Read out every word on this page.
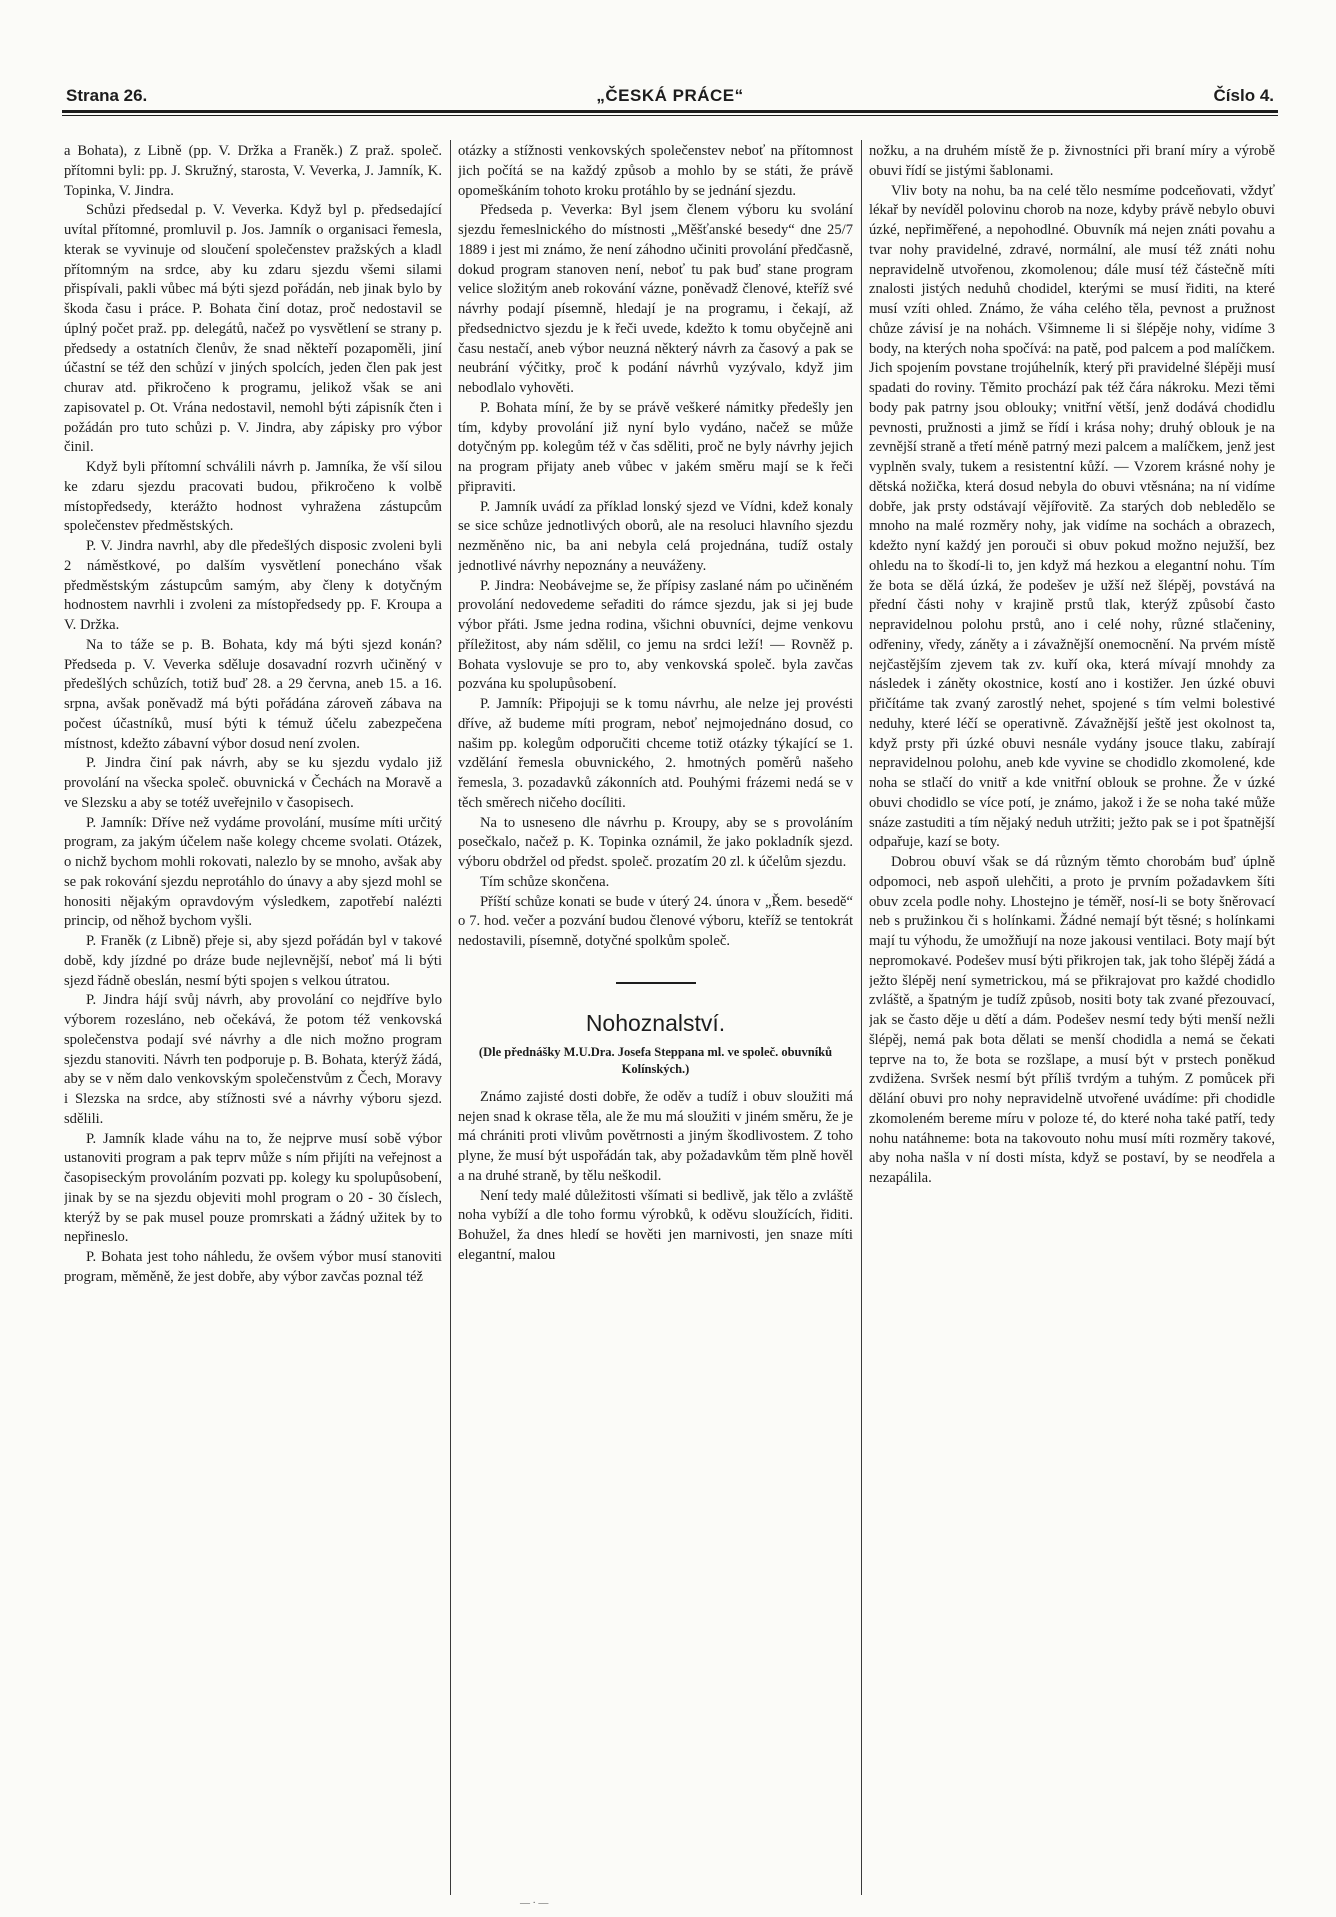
Strana 26.	„ČESKÁ PRÁCE“	Číslo 4.

a Bohata), z Libně (pp. V. Držka a Franěk.) Z praž. společ. přítomni byli: pp. J. Skružný, starosta, V. Veverka, J. Jamník, K. Topinka, V. Jindra.

Schůzi předsedal p. V. Veverka. Když byl p. předsedající uvítal přítomné, promluvil p. Jos. Jamník o organisaci řemesla, kterak se vyvinuje od sloučení společenstev pražských a kladl přítomným na srdce, aby ku zdaru sjezdu všemi silami přispívali, pakli vůbec má býti sjezd pořádán, neb jinak bylo by škoda času i práce. P. Bohata činí dotaz, proč nedostavil se úplný počet praž. pp. delegátů, načež po vysvětlení se strany p. předsedy a ostatních členův, že snad někteří pozapoměli, jiní účastní se též den schůzí v jiných spolcích, jeden člen pak jest churav atd. přikročeno k programu, jelikož však se ani zapisovatel p. Ot. Vrána nedostavil, nemohl býti zápisník čten i požádán pro tuto schůzi p. V. Jindra, aby zápisky pro výbor činil.

Když byli přítomní schválili návrh p. Jamníka, že vší silou ke zdaru sjezdu pracovati budou, přikročeno k volbě místopředsedy, kterážto hodnost vyhražena zástupcům společenstev předměstských.

P. V. Jindra navrhl, aby dle předešlých disposic zvoleni byli 2 náměstkové, po dalším vysvětlení ponecháno však předměstským zástupcům samým, aby členy k dotyčným hodnostem navrhli i zvoleni za místopředsedy pp. F. Kroupa a V. Držka.

Na to táže se p. B. Bohata, kdy má býti sjezd konán? Předseda p. V. Veverka sděluje dosavadní rozvrh učiněný v předešlých schůzích, totiž buď 28. a 29 června, aneb 15. a 16. srpna, avšak poněvadž má býti pořádána zároveň zábava na počest účastníků, musí býti k témuž účelu zabezpečena místnost, kdežto zábavní výbor dosud není zvolen.

P. Jindra činí pak návrh, aby se ku sjezdu vydalo již provolání na všecka společ. obuvnická v Čechách na Moravě a ve Slezsku a aby se totéž uveřejnilo v časopisech.

P. Jamník: Dříve než vydáme provolání, musíme míti určitý program, za jakým účelem naše kolegy chceme svolati. Otázek, o nichž bychom mohli rokovati, nalezlo by se mnoho, avšak aby se pak rokování sjezdu neprotáhlo do únavy a aby sjezd mohl se honositi nějakým opravdovým výsledkem, zapotřebí nalézti princip, od něhož bychom vyšli.

P. Franěk (z Libně) přeje si, aby sjezd pořádán byl v takové době, kdy jízdné po dráze bude nejlevnější, neboť má li býti sjezd řádně obeslán, nesmí býti spojen s velkou útratou.

P. Jindra hájí svůj návrh, aby provolání co nejdříve bylo výborem rozesláno, neb očekává, že potom též venkovská společenstva podají své návrhy a dle nich možno program sjezdu stanoviti. Návrh ten podporuje p. B. Bohata, kterýž žádá, aby se v něm dalo venkovským společenstvům z Čech, Moravy i Slezska na srdce, aby stížnosti své a návrhy výboru sjezd. sdělili.

P. Jamník klade váhu na to, že nejprve musí sobě výbor ustanoviti program a pak teprv může s ním přijíti na veřejnost a časopiseckým provoláním pozvati pp. kolegy ku spolupůsobení, jinak by se na sjezdu objeviti mohl program o 20 - 30 číslech, kterýž by se pak musel pouze promrskati a žádný užitek by to nepřineslo.

P. Bohata jest toho náhledu, že ovšem výbor musí stanoviti program, měměně, že jest dobře, aby výbor zavčas poznal též

otázky a stížnosti venkovských společenstev neboť na přítomnost jich počítá se na každý způsob a mohlo by se státi, že právě opomeškáním tohoto kroku protáhlo by se jednání sjezdu.

Předseda p. Veverka: Byl jsem členem výboru ku svolání sjezdu řemeslnického do místnosti „Měšťanské besedy“ dne 25/7 1889 i jest mi známo, že není záhodno učiniti provolání předčasně, dokud program stanoven není, neboť tu pak buď stane program velice složitým aneb rokování vázne, poněvadž členové, kteříž své návrhy podají písemně, hledají je na programu, i čekají, až předsednictvo sjezdu je k řeči uvede, kdežto k tomu obyčejně ani času nestačí, aneb výbor neuzná některý návrh za časový a pak se neubrání výčitky, proč k podání návrhů vyzývalo, když jim nebodlalo vyhověti.

P. Bohata míní, že by se právě veškeré námitky předešly jen tím, kdyby provolání již nyní bylo vydáno, načež se může dotyčným pp. kolegům též v čas sděliti, proč ne byly návrhy jejich na program přijaty aneb vůbec v jakém směru mají se k řeči připraviti.

P. Jamník uvádí za příklad lonský sjezd ve Vídni, kdež konaly se sice schůze jednotlivých oborů, ale na resoluci hlavního sjezdu nezměněno nic, ba ani nebyla celá projednána, tudíž ostaly jednotlivé návrhy nepoznány a neuváženy.

P. Jindra: Neobávejme se, že přípisy zaslané nám po učiněném provolání nedovedeme seřaditi do rámce sjezdu, jak si jej bude výbor přáti. Jsme jedna rodina, všichni obuvníci, dejme venkovu příležitost, aby nám sdělil, co jemu na srdci leží! — Rovněž p. Bohata vyslovuje se pro to, aby venkovská společ. byla zavčas pozvána ku spolupůsobení.

P. Jamník: Připojuji se k tomu návrhu, ale nelze jej provésti dříve, až budeme míti program, neboť nejmojednáno dosud, co našim pp. kolegům odporučiti chceme totiž otázky týkající se 1. vzdělání řemesla obuvnického, 2. hmotných poměrů našeho řemesla, 3. pozadavků zákonních atd. Pouhými frázemi nedá se v těch směrech ničeho docíliti.

Na to usneseno dle návrhu p. Kroupy, aby se s provoláním posečkalo, načež p. K. Topinka oznámil, že jako pokladník sjezd. výboru obdržel od předst. společ. prozatím 20 zl. k účelům sjezdu.

Tím schůze skončena.

Příští schůze konati se bude v úterý 24. února v „Řem. besedě“ o 7. hod. večer a pozvání budou členové výboru, kteříž se tentokrát nedostavili, písemně, dotyčné spolkům společ.

Nohoznalství.
(Dle přednášky M.U.Dra. Josefa Steppana ml. ve společ. obuvníků Kolínských.)

Známo zajisté dosti dobře, že oděv a tudíž i obuv sloužiti má nejen snad k okrase těla, ale že mu má sloužiti v jiném směru, že je má chrániti proti vlivům povětrnosti a jiným škodlivostem. Z toho plyne, že musí být uspořádán tak, aby požadavkům těm plně hověl a na druhé straně, by tělu neškodil.

Není tedy malé důležitosti všímati si bedlivě, jak tělo a zvláště noha vybíží a dle toho formu výrobků, k oděvu sloužících, řiditi. Bohužel, ža dnes hledí se hověti jen marnivosti, jen snaze míti elegantní, malou

nožku, a na druhém místě že p. živnostníci při braní míry a výrobě obuvi řídí se jistými šablonami.

Vliv boty na nohu, ba na celé tělo nesmíme podceňovati, vždyť lékař by nevíděl polovinu chorob na noze, kdyby právě nebylo obuvi úzké, nepřiměřené, a nepohodlné. Obuvník má nejen znáti povahu a tvar nohy pravidelné, zdravé, normální, ale musí též znáti nohu nepravidelně utvořenou, zkomolenou; dále musí též částečně míti znalosti jistých neduhů chodidel, kterými se musí řiditi, na které musí vzíti ohled. Známo, že váha celého těla, pevnost a pružnost chůze závisí je na nohách. Všimneme li si šlépěje nohy, vidíme 3 body, na kterých noha spočívá: na patě, pod palcem a pod malíčkem. Jich spojením povstane trojúhelník, který při pravidelné šlépěji musí spadati do roviny. Těmito prochází pak též čára nákroku. Mezi těmi body pak patrny jsou oblouky; vnitřní větší, jenž dodává chodidlu pevnosti, pružnosti a jimž se řídí i krása nohy; druhý oblouk je na zevnější straně a třetí méně patrný mezi palcem a malíčkem, jenž jest vyplněn svaly, tukem a resistentní kůží. — Vzorem krásné nohy je dětská nožička, která dosud nebyla do obuvi vtěsnána; na ní vidíme dobře, jak prsty odstávají vějířovitě. Za starých dob nebledělo se mnoho na malé rozměry nohy, jak vidíme na sochách a obrazech, kdežto nyní každý jen porouči si obuv pokud možno nejužší, bez ohledu na to škodí-li to, jen když má hezkou a elegantní nohu. Tím že bota se dělá úzká, že podešev je užší než šlépěj, povstává na přední části nohy v krajině prstů tlak, kterýž způsobí často nepravidelnou polohu prstů, ano i celé nohy, různé stlačeniny, odřeniny, vředy, záněty a i závažnější onemocnění. Na prvém místě nejčastějším zjevem tak zv. kuří oka, která mívají mnohdy za následek i záněty okostnice, kostí ano i kostižer. Jen úzké obuvi přičítáme tak zvaný zarostlý nehet, spojené s tím velmi bolestivé neduhy, které léčí se operativně. Závažnější ještě jest okolnost ta, když prsty při úzké obuvi nesnále vydány jsouce tlaku, zabírají nepravidelnou polohu, aneb kde vyvine se chodidlo zkomolené, kde noha se stlačí do vnitř a kde vnitřní oblouk se prohne. Že v úzké obuvi chodidlo se více potí, je známo, jakož i že se noha také může snáze zastuditi a tím nějaký neduh utržiti; ježto pak se i pot špatnější odpařuje, kazí se boty.

Dobrou obuví však se dá různým těmto chorobám buď úplně odpomoci, neb aspoň ulehčiti, a proto je prvním požadavkem šíti obuv zcela podle nohy. Lhostejno je téměř, nosí-li se boty šněrovací neb s pružinkou či s holínkami. Žádné nemají být těsné; s holínkami mají tu výhodu, že umožňují na noze jakousi ventilaci. Boty mají být nepromokavé. Podešev musí býti přikrojen tak, jak toho šlépěj žádá a ježto šlépěj není symetrickou, má se přikrajovat pro každé chodidlo zvláště, a špatným je tudíž způsob, nositi boty tak zvané přezouvací, jak se často děje u dětí a dám. Podešev nesmí tedy býti menší nežli šlépěj, nemá pak bota dělati se menší chodidla a nemá se čekati teprve na to, že bota se rozšlape, a musí být v prstech poněkud zvdižena. Svršek nesmí být příliš tvrdým a tuhým. Z pomůcek při dělání obuvi pro nohy nepravidelně utvořené uvádíme: při chodidle zkomoleném bereme míru v poloze té, do které noha také patří, tedy nohu natáhneme: bota na takovouto nohu musí míti rozměry takové, aby noha našla v ní dosti místa, když se postaví, by se neodřela a nezapálila.

— · —
